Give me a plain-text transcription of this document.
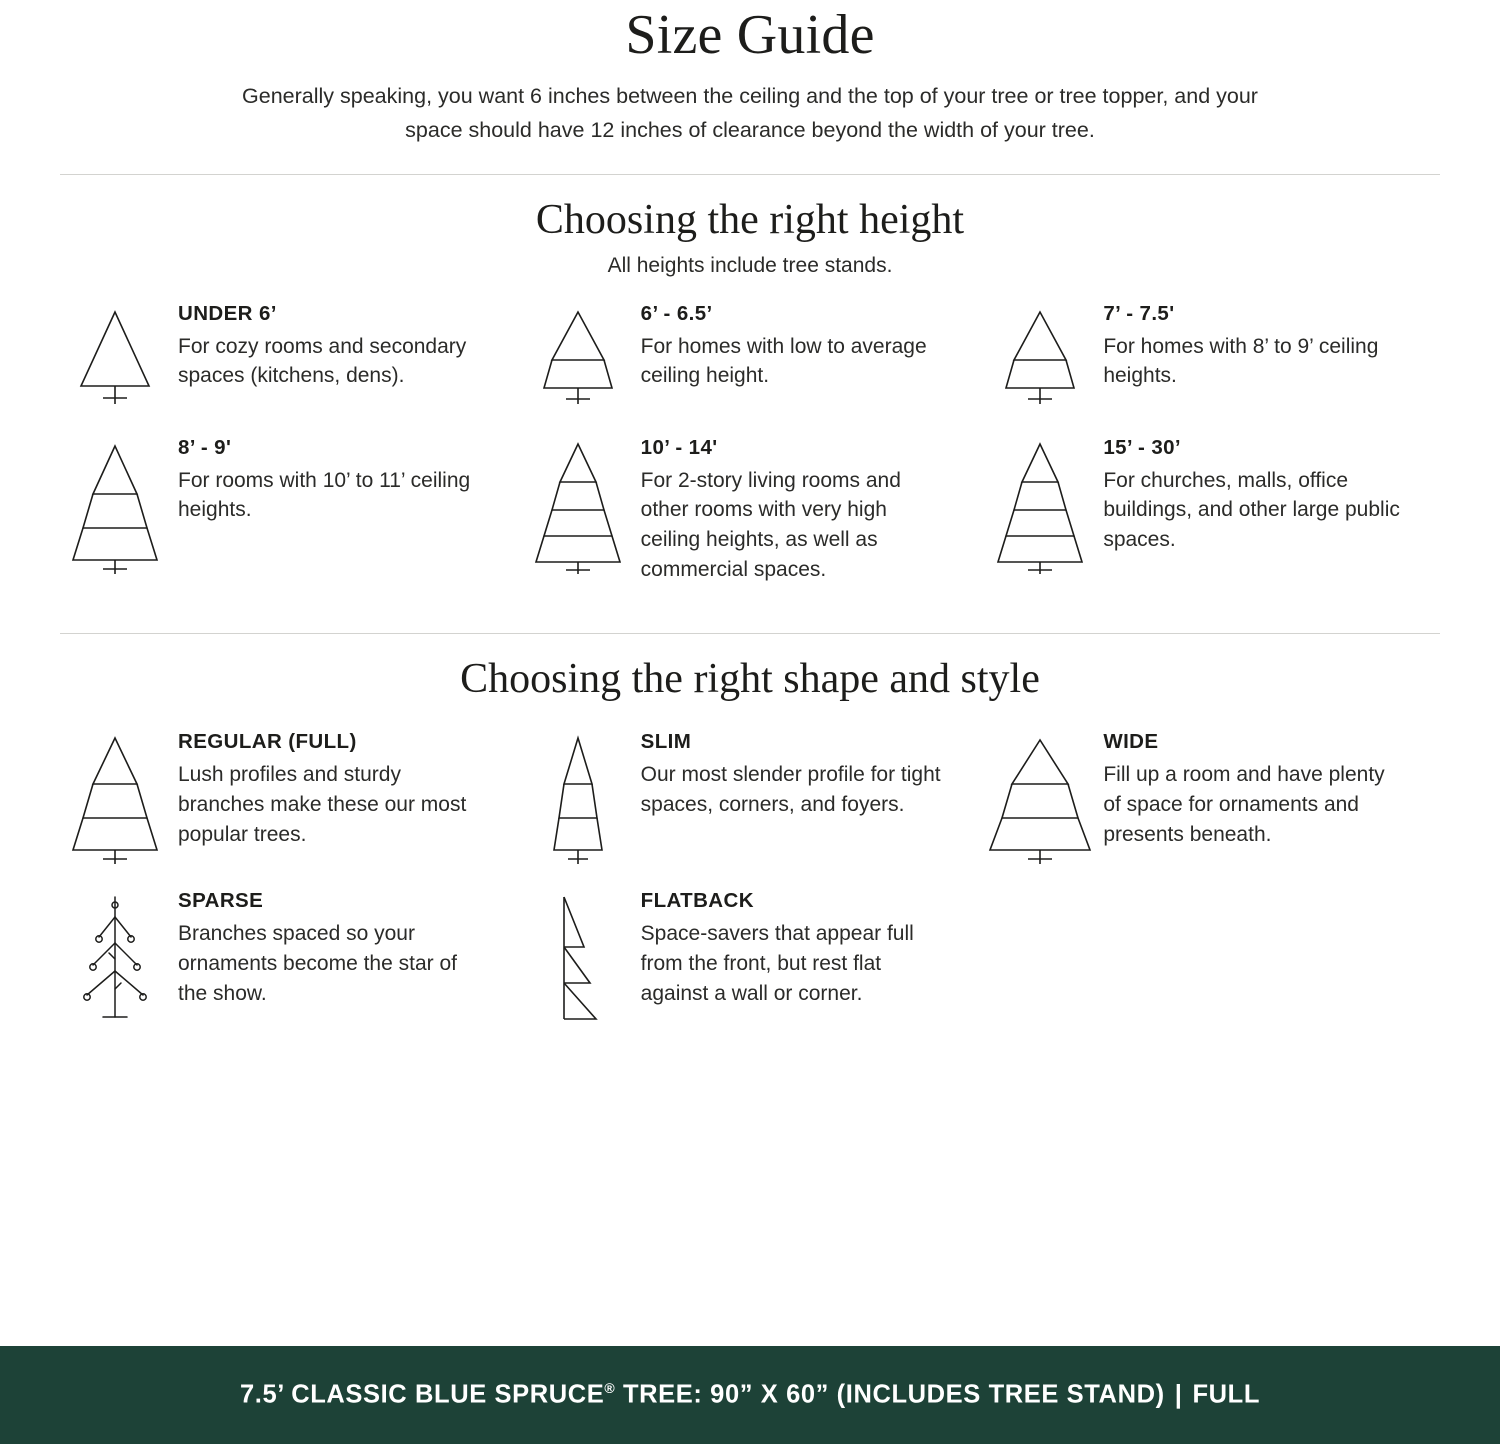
Size Guide

Generally speaking, you want 6 inches between the ceiling and the top of your tree or tree topper, and your space should have 12 inches of clearance beyond the width of your tree.

Choosing the right height

All heights include tree stands.

UNDER 6’

For cozy rooms and secondary spaces (kitchens, dens).

6’ - 6.5’

For homes with low to average ceiling height.

7’ - 7.5'

For homes with 8’ to 9’ ceiling heights.

8’ - 9'

For rooms with 10’ to 11’ ceiling heights.

10’ - 14'

For 2-story living rooms and other rooms with very high ceiling heights, as well as commercial spaces.

15’ - 30’

For churches, malls, office buildings, and other large public spaces.

Choosing the right shape and style
REGULAR (FULL)

Lush profiles and sturdy branches make these our most popular trees.

SLIM

Our most slender profile for tight spaces, corners, and foyers.

WIDE

Fill up a room and have plenty of space for ornaments and presents beneath.

SPARSE

Branches spaced so your ornaments become the star of the show.

FLATBACK

Space-savers that appear full from the front, but rest flat against a wall or corner.

7.5’ CLASSIC BLUE SPRUCE® TREE: 90” X 60” (INCLUDES TREE STAND) | FULL
